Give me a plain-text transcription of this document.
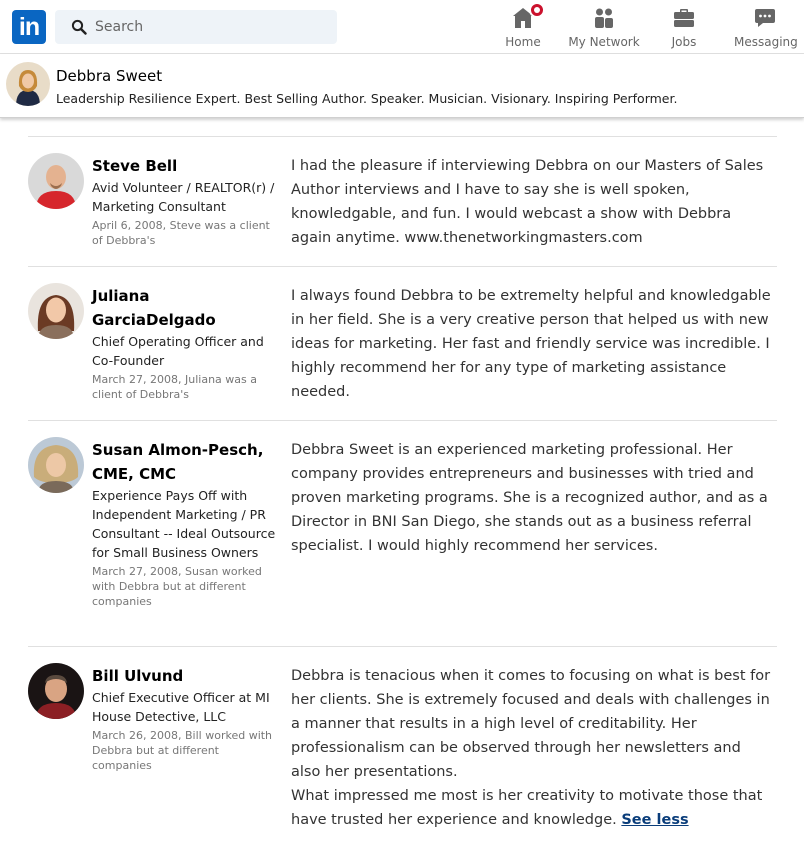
in
Search
Home My Network	Jobs	Messaging
Debbra Sweet
Leadership Resilience Expert. Best Selling Author. Speaker. Musician. Visionary. Inspiring Performer.
Steve Bell
Avid Volunteer / REALTOR(r) / Marketing Consultant
April 6, 2008, Steve was a client of Debbra's
I had the pleasure if interviewing Debbra on our Masters of Sales Author interviews and I have to say she is well spoken, knowledgable, and fun. I would webcast a show with Debbra again anytime. www.thenetworkingmasters.com
Juliana GarciaDelgado
Chief Operating Officer and Co-Founder
March 27, 2008, Juliana was a client of Debbra's
I always found Debbra to be extremelty helpful and knowledgable in her field. She is a very creative person that helped us with new ideas for marketing. Her fast and friendly service was incredible. I highly recommend her for any type of marketing assistance needed.
Susan Almon-Pesch, CME, CMC
Experience Pays Off with Independent Marketing / PR Consultant -- Ideal Outsource for Small Business Owners
March 27, 2008, Susan worked with Debbra but at different companies
Debbra Sweet is an experienced marketing professional. Her company provides entrepreneurs and businesses with tried and proven marketing programs. She is a recognized author, and as a Director in BNI San Diego, she stands out as a business referral specialist. I would highly recommend her services.
Bill Ulvund
Chief Executive Officer at MI House Detective, LLC
March 26, 2008, Bill worked with Debbra but at different companies
Debbra is tenacious when it comes to focusing on what is best for her clients. She is extremely focused and deals with challenges in a manner that results in a high level of creditability. Her professionalism can be observed through her newsletters and also her presentations.
What impressed me most is her creativity to motivate those that have trusted her experience and knowledge. See less
